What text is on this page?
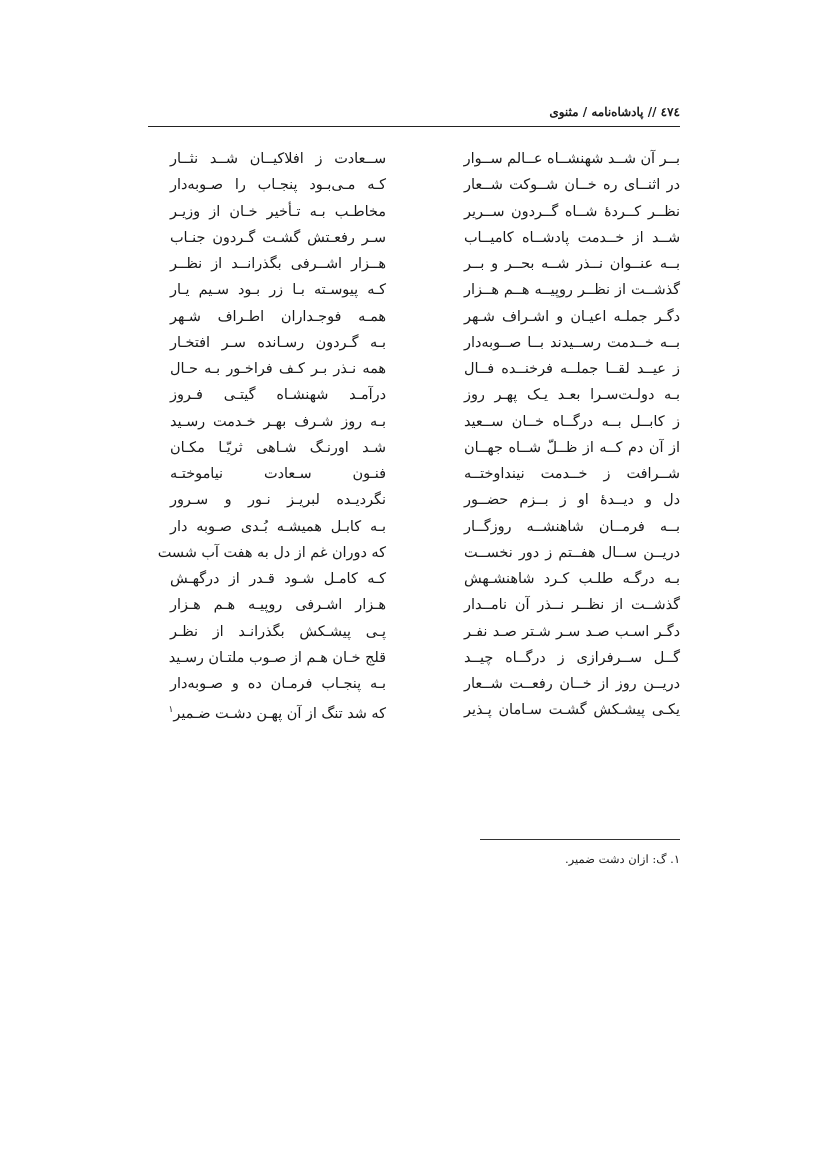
٤٧٤ // پادشاه‌نامه / مثنوی
بــر آن شــد شهنشــاه عــالم ســوار
ســعادت ز افلاکیــان شــد نثــار
در اثنــای ره خــان شــوکت شــعار
کـه مـی‌بـود پنجـاب را صـوبه‌دار
نظــر کــردهٔ شــاه گــردون ســریر
مخاطـب بـه تـأخیر خـان از وزیـر
شــد از خــدمت پادشــاه کامیــاب
سـر رفعـتش گشـت گـردون جنـاب
بــه عنــوان نــذر شــه بحــر و بــر
هــزار اشــرفی بگذرانــد از نظــر
گذشــت از نظــر روپیــه هــم هــزار
کـه پیوسـته بـا زر بـود سـیم یـار
دگـر جملـه اعیـان و اشـراف شـهر
همـه فوجـداران اطـراف شـهر
بــه خــدمت رســیدند بــا صــوبه‌دار
بـه گـردون رسـانده سـر افتخـار
ز عیــد لقــا جملــه فرخنــده فــال
همه نـذر بـر کـف فراخـور بـه حـال
بـه دولـت‌سـرا بعـد یـک پهـر روز
درآمـد شهنشـاه گیتـی فـروز
ز کابــل بــه درگــاه خــان ســعید
بـه روز شـرف بهـر خـدمت رسـید
از آن دم کــه از ظــلّ شــاه جهــان
شـد اورنـگ شـاهی ثریّـا مکـان
شــرافت ز خــدمت نینداوختــه
فنـون سـعادت نیاموختـه
دل و دیــدهٔ او ز بــزم حضــور
نگردیـده لبریـز نـور و سـرور
بــه فرمــان شاهنشــه روزگــار
بـه کابـل همیشـه بُـدی صـوبه دار
دریــن ســال هفــتم ز دور نخســت
که دوران غم از دل به هفت آب شست
بـه درگـه طلـب کـرد شاهنشـهش
کـه کامـل شـود قـدر از درگهـش
گذشــت از نظــر نــذر آن نامــدار
هـزار اشـرفی روپیـه هـم هـزار
دگـر اسـب صـد سـر شـتر صـد نفـر
پـی پیشـکش بگذرانـد از نظـر
گــل ســرفرازی ز درگــاه چیــد
قلج خـان هـم از صـوب ملتـان رسـید
دریــن روز از خــان رفعــت شــعار
بـه پنجـاب فرمـان ده و صـوبه‌دار
یکـی پیشـکش گشـت سـامان پـذیر
که شد تنگ از آن پهـن دشـت ضـمیر$^۱$
۱. گ: ازان دشت ضمیر.
